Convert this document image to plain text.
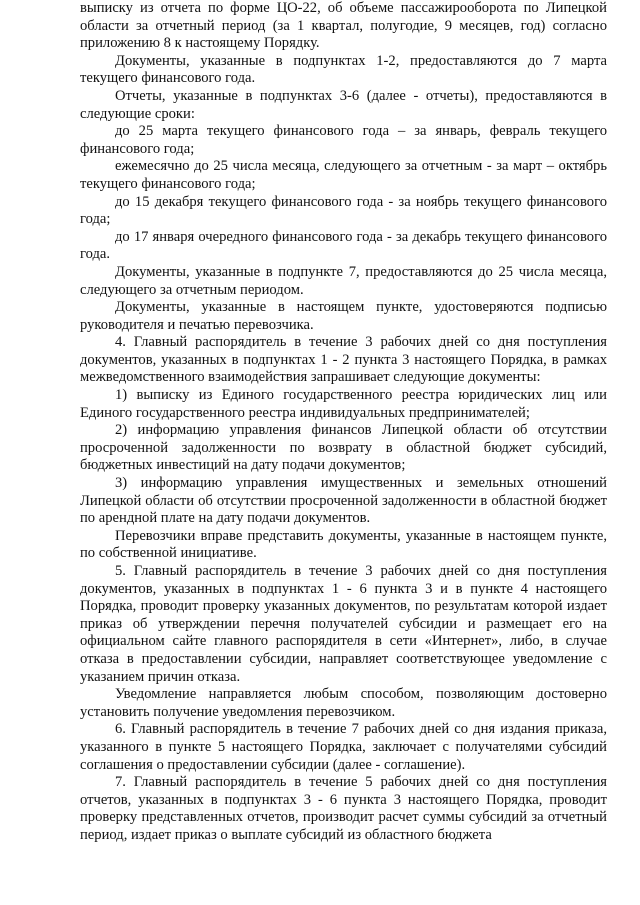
выписку из отчета по форме ЦО-22, об объеме пассажирооборота по Липецкой области за отчетный период (за 1 квартал, полугодие, 9 месяцев, год) согласно приложению 8 к настоящему Порядку.

Документы, указанные в подпунктах 1-2, предоставляются до 7 марта текущего финансового года.

Отчеты, указанные в подпунктах 3-6 (далее - отчеты), предоставляются в следующие сроки:

до 25 марта текущего финансового года – за январь, февраль текущего финансового года;

ежемесячно до 25 числа месяца, следующего за отчетным - за март – октябрь текущего финансового года;

до 15 декабря текущего финансового года - за ноябрь текущего финансового года;

до 17 января очередного финансового года - за декабрь текущего финансового года.

Документы, указанные в подпункте 7, предоставляются до 25 числа месяца, следующего за отчетным периодом.

Документы, указанные в настоящем пункте, удостоверяются подписью руководителя и печатью перевозчика.

4. Главный распорядитель в течение 3 рабочих дней со дня поступления документов, указанных в подпунктах 1 - 2 пункта 3 настоящего Порядка, в рамках межведомственного взаимодействия запрашивает следующие документы:

1) выписку из Единого государственного реестра юридических лиц или Единого государственного реестра индивидуальных предпринимателей;

2) информацию управления финансов Липецкой области об отсутствии просроченной задолженности по возврату в областной бюджет субсидий, бюджетных инвестиций на дату подачи документов;

3) информацию управления имущественных и земельных отношений Липецкой области об отсутствии просроченной задолженности в областной бюджет по арендной плате на дату подачи документов.

Перевозчики вправе представить документы, указанные в настоящем пункте, по собственной инициативе.

5. Главный распорядитель в течение 3 рабочих дней со дня поступления документов, указанных в подпунктах 1 - 6 пункта 3 и в пункте 4 настоящего Порядка, проводит проверку указанных документов, по результатам которой издает приказ об утверждении перечня получателей субсидии и размещает его на официальном сайте главного распорядителя в сети «Интернет», либо, в случае отказа в предоставлении субсидии, направляет соответствующее уведомление с указанием причин отказа.

Уведомление направляется любым способом, позволяющим достоверно установить получение уведомления перевозчиком.

6. Главный распорядитель в течение 7 рабочих дней со дня издания приказа, указанного в пункте 5 настоящего Порядка, заключает с получателями субсидий соглашения о предоставлении субсидии (далее - соглашение).

7. Главный распорядитель в течение 5 рабочих дней со дня поступления отчетов, указанных в подпунктах 3 - 6 пункта 3 настоящего Порядка, проводит проверку представленных отчетов, производит расчет суммы субсидий за отчетный период, издает приказ о выплате субсидий из областного бюджета
